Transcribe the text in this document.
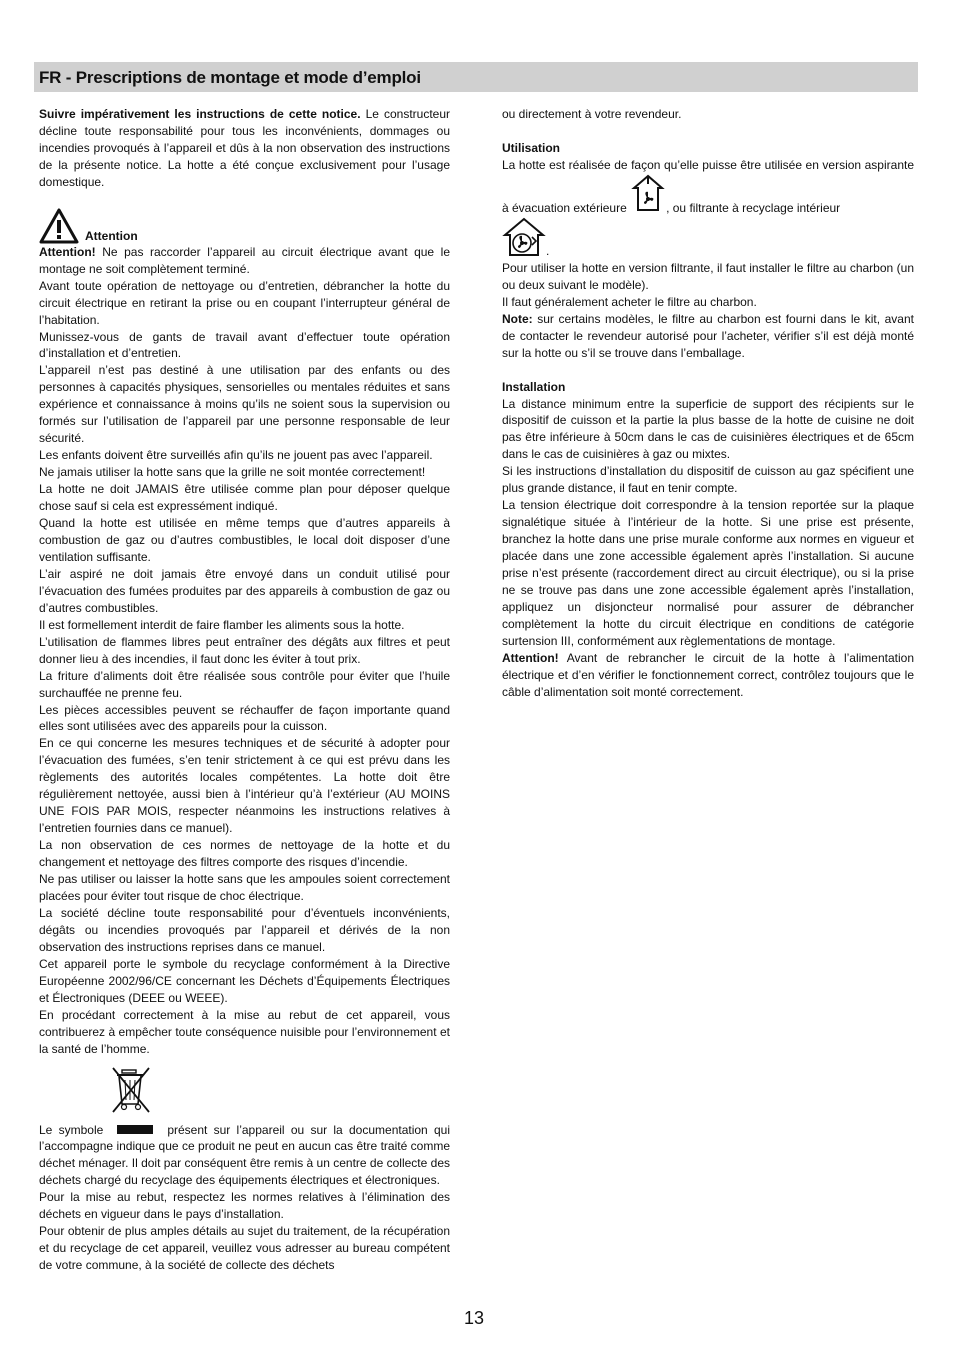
FR - Prescriptions de montage et mode d’emploi

Suivre impérativement les instructions de cette notice. Le constructeur décline toute responsabilité pour tous les inconvénients, dommages ou incendies provoqués à l’appareil et dûs à la non observation des instructions de la présente notice. La hotte a été conçue exclusivement pour l’usage domestique.

Attention

Attention! Ne pas raccorder l’appareil au circuit électrique avant que le montage ne soit complètement terminé.

Avant toute opération de nettoyage ou d’entretien, débrancher la hotte du circuit électrique en retirant la prise ou en coupant l’interrupteur général de l’habitation.

Munissez-vous de gants de travail avant d’effectuer toute opération d’installation et d’entretien.

L’appareil n’est pas destiné à une utilisation par des enfants ou des personnes à capacités physiques, sensorielles ou mentales réduites et sans expérience et connaissance à moins qu’ils ne soient sous la supervision ou formés sur l’utilisation de l’appareil par une personne responsable de leur sécurité.

Les enfants doivent être surveillés afin qu’ils ne jouent pas avec l’appareil.

Ne jamais utiliser la hotte sans que la grille ne soit montée correctement!

La hotte ne doit JAMAIS être utilisée comme plan pour déposer quelque chose sauf si cela est expressément indiqué.

Quand la hotte est utilisée en même temps que d’autres appareils à combustion de gaz ou d’autres combustibles, le local doit disposer d’une ventilation suffisante.

L’air aspiré ne doit jamais être envoyé dans un conduit utilisé pour l’évacuation des fumées produites par des appareils à combustion de gaz ou d’autres combustibles.

Il est formellement interdit de faire flamber les aliments sous la hotte.

L’utilisation de flammes libres peut entraîner des dégâts aux filtres et peut donner lieu à des incendies, il faut donc les éviter à tout prix.

La friture d’aliments doit être réalisée sous contrôle pour éviter que l’huile surchauffée ne prenne feu.

Les pièces accessibles peuvent se réchauffer de façon importante quand elles sont utilisées avec des appareils pour la cuisson.

En ce qui concerne les mesures techniques et de sécurité à adopter pour l’évacuation des fumées, s’en tenir strictement à ce qui est prévu dans les règlements des autorités locales compétentes. La hotte doit être régulièrement nettoyée, aussi bien à l’intérieur qu’à l’extérieur (AU MOINS UNE FOIS PAR MOIS, respecter néanmoins les instructions relatives à l’entretien fournies dans ce manuel).

La non observation de ces normes de nettoyage de la hotte et du changement et nettoyage des filtres comporte des risques d’incendie.

Ne pas utiliser ou laisser la hotte sans que les ampoules soient correctement placées pour éviter tout risque de choc électrique.

La société décline toute responsabilité pour d’éventuels inconvénients, dégâts ou incendies provoqués par l’appareil et dérivés de la non observation des instructions reprises dans ce manuel.

Cet appareil porte le symbole du recyclage conformément à la Directive Européenne 2002/96/CE concernant les Déchets d’Équipements Électriques et Électroniques (DEEE ou WEEE).

En procédant correctement à la mise au rebut de cet appareil, vous contribuerez à empêcher toute conséquence nuisible pour l’environnement et la santé de l’homme.

Le symbole	présent sur l’appareil ou sur la documentation qui l’accompagne indique que ce produit ne peut en aucun cas être traité comme déchet ménager. Il doit par conséquent être remis à un centre de collecte des déchets chargé du recyclage des équipements électriques et électroniques.

Pour la mise au rebut, respectez les normes relatives à l’élimination des déchets en vigueur dans le pays d’installation.

Pour obtenir de plus amples détails au sujet du traitement, de la récupération et du recyclage de cet appareil, veuillez vous adresser au bureau compétent de votre commune, à la société de collecte des déchets

ou directement à votre revendeur.

Utilisation

La hotte est réalisée de façon qu’elle puisse être utilisée en version aspirante à évacuation extérieure	, ou filtrante à recyclage intérieur

.

Pour utiliser la hotte en version filtrante, il faut installer le filtre au charbon (un ou deux suivant le modèle).

Il faut généralement acheter le filtre au charbon.

Note: sur certains modèles, le filtre au charbon est fourni dans le kit, avant de contacter le revendeur autorisé pour l’acheter, vérifier s’il est déjà monté sur la hotte ou s’il se trouve dans l’emballage.

Installation

La distance minimum entre la superficie de support des récipients sur le dispositif de cuisson et la partie la plus basse de la hotte de cuisine ne doit pas être inférieure à 50cm dans le cas de cuisinières électriques et de 65cm dans le cas de cuisinières à gaz ou mixtes.

Si les instructions d’installation du dispositif de cuisson au gaz spécifient une plus grande distance, il faut en tenir compte.

La tension électrique doit correspondre à la tension reportée sur la plaque signalétique située à l’intérieur de la hotte. Si une prise est présente, branchez la hotte dans une prise murale conforme aux normes en vigueur et placée dans une zone accessible également après l’installation. Si aucune prise n’est présente (raccordement direct au circuit électrique), ou si la prise ne se trouve pas dans une zone accessible également après l’installation, appliquez un disjoncteur normalisé pour assurer de débrancher complètement la hotte du circuit électrique en conditions de catégorie surtension III, conformément aux règlementations de montage.

Attention! Avant de rebrancher le circuit de la hotte à l’alimentation électrique et d’en vérifier le fonctionnement correct, contrôlez toujours que le câble d’alimentation soit monté correctement.

13
